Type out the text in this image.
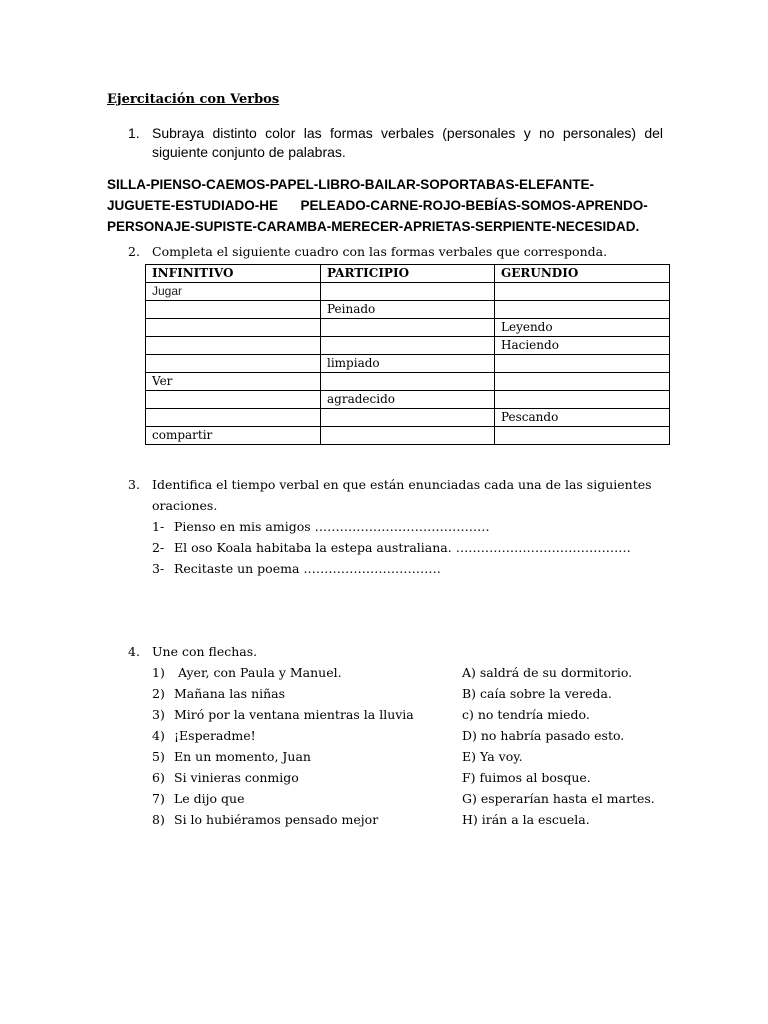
Ejercitación con Verbos
1. Subraya distinto color las formas verbales (personales y no personales) del siguiente conjunto de palabras.
SILLA-PIENSO-CAEMOS-PAPEL-LIBRO-BAILAR-SOPORTABAS-ELEFANTE-
JUGUETE-ESTUDIADO-HE      PELEADO-CARNE-ROJO-BEBÍAS-SOMOS-APRENDO-
PERSONAJE-SUPISTE-CARAMBA-MERECER-APRIETAS-SERPIENTE-NECESIDAD.
2. Completa el siguiente cuadro con las formas verbales que corresponda.
INFINITIVO	PARTICIPIO	GERUNDIO
Jugar		
	Peinado	
		Leyendo
		Haciendo
	limpiado	
Ver		
	agradecido	
		Pescando
compartir		
3. Identifica el tiempo verbal en que están enunciadas cada una de las siguientes oraciones.
1- Pienso en mis amigos ……………………………………
2- El oso Koala habitaba la estepa australiana. ……………………………………
3- Recitaste un poema ……………………………
4. Une con flechas.
1) Ayer, con Paula y Manuel.	A) saldrá de su dormitorio.
2) Mañana las niñas	B) caía sobre la vereda.
3) Miró por la ventana mientras la lluvia	c) no tendría miedo.
4) ¡Esperadme!	D) no habría pasado esto.
5) En un momento, Juan	E) Ya voy.
6) Si vinieras conmigo	F) fuimos al bosque.
7) Le dijo que	G) esperarían hasta el martes.
8) Si lo hubiéramos pensado mejor	H) irán a la escuela.
